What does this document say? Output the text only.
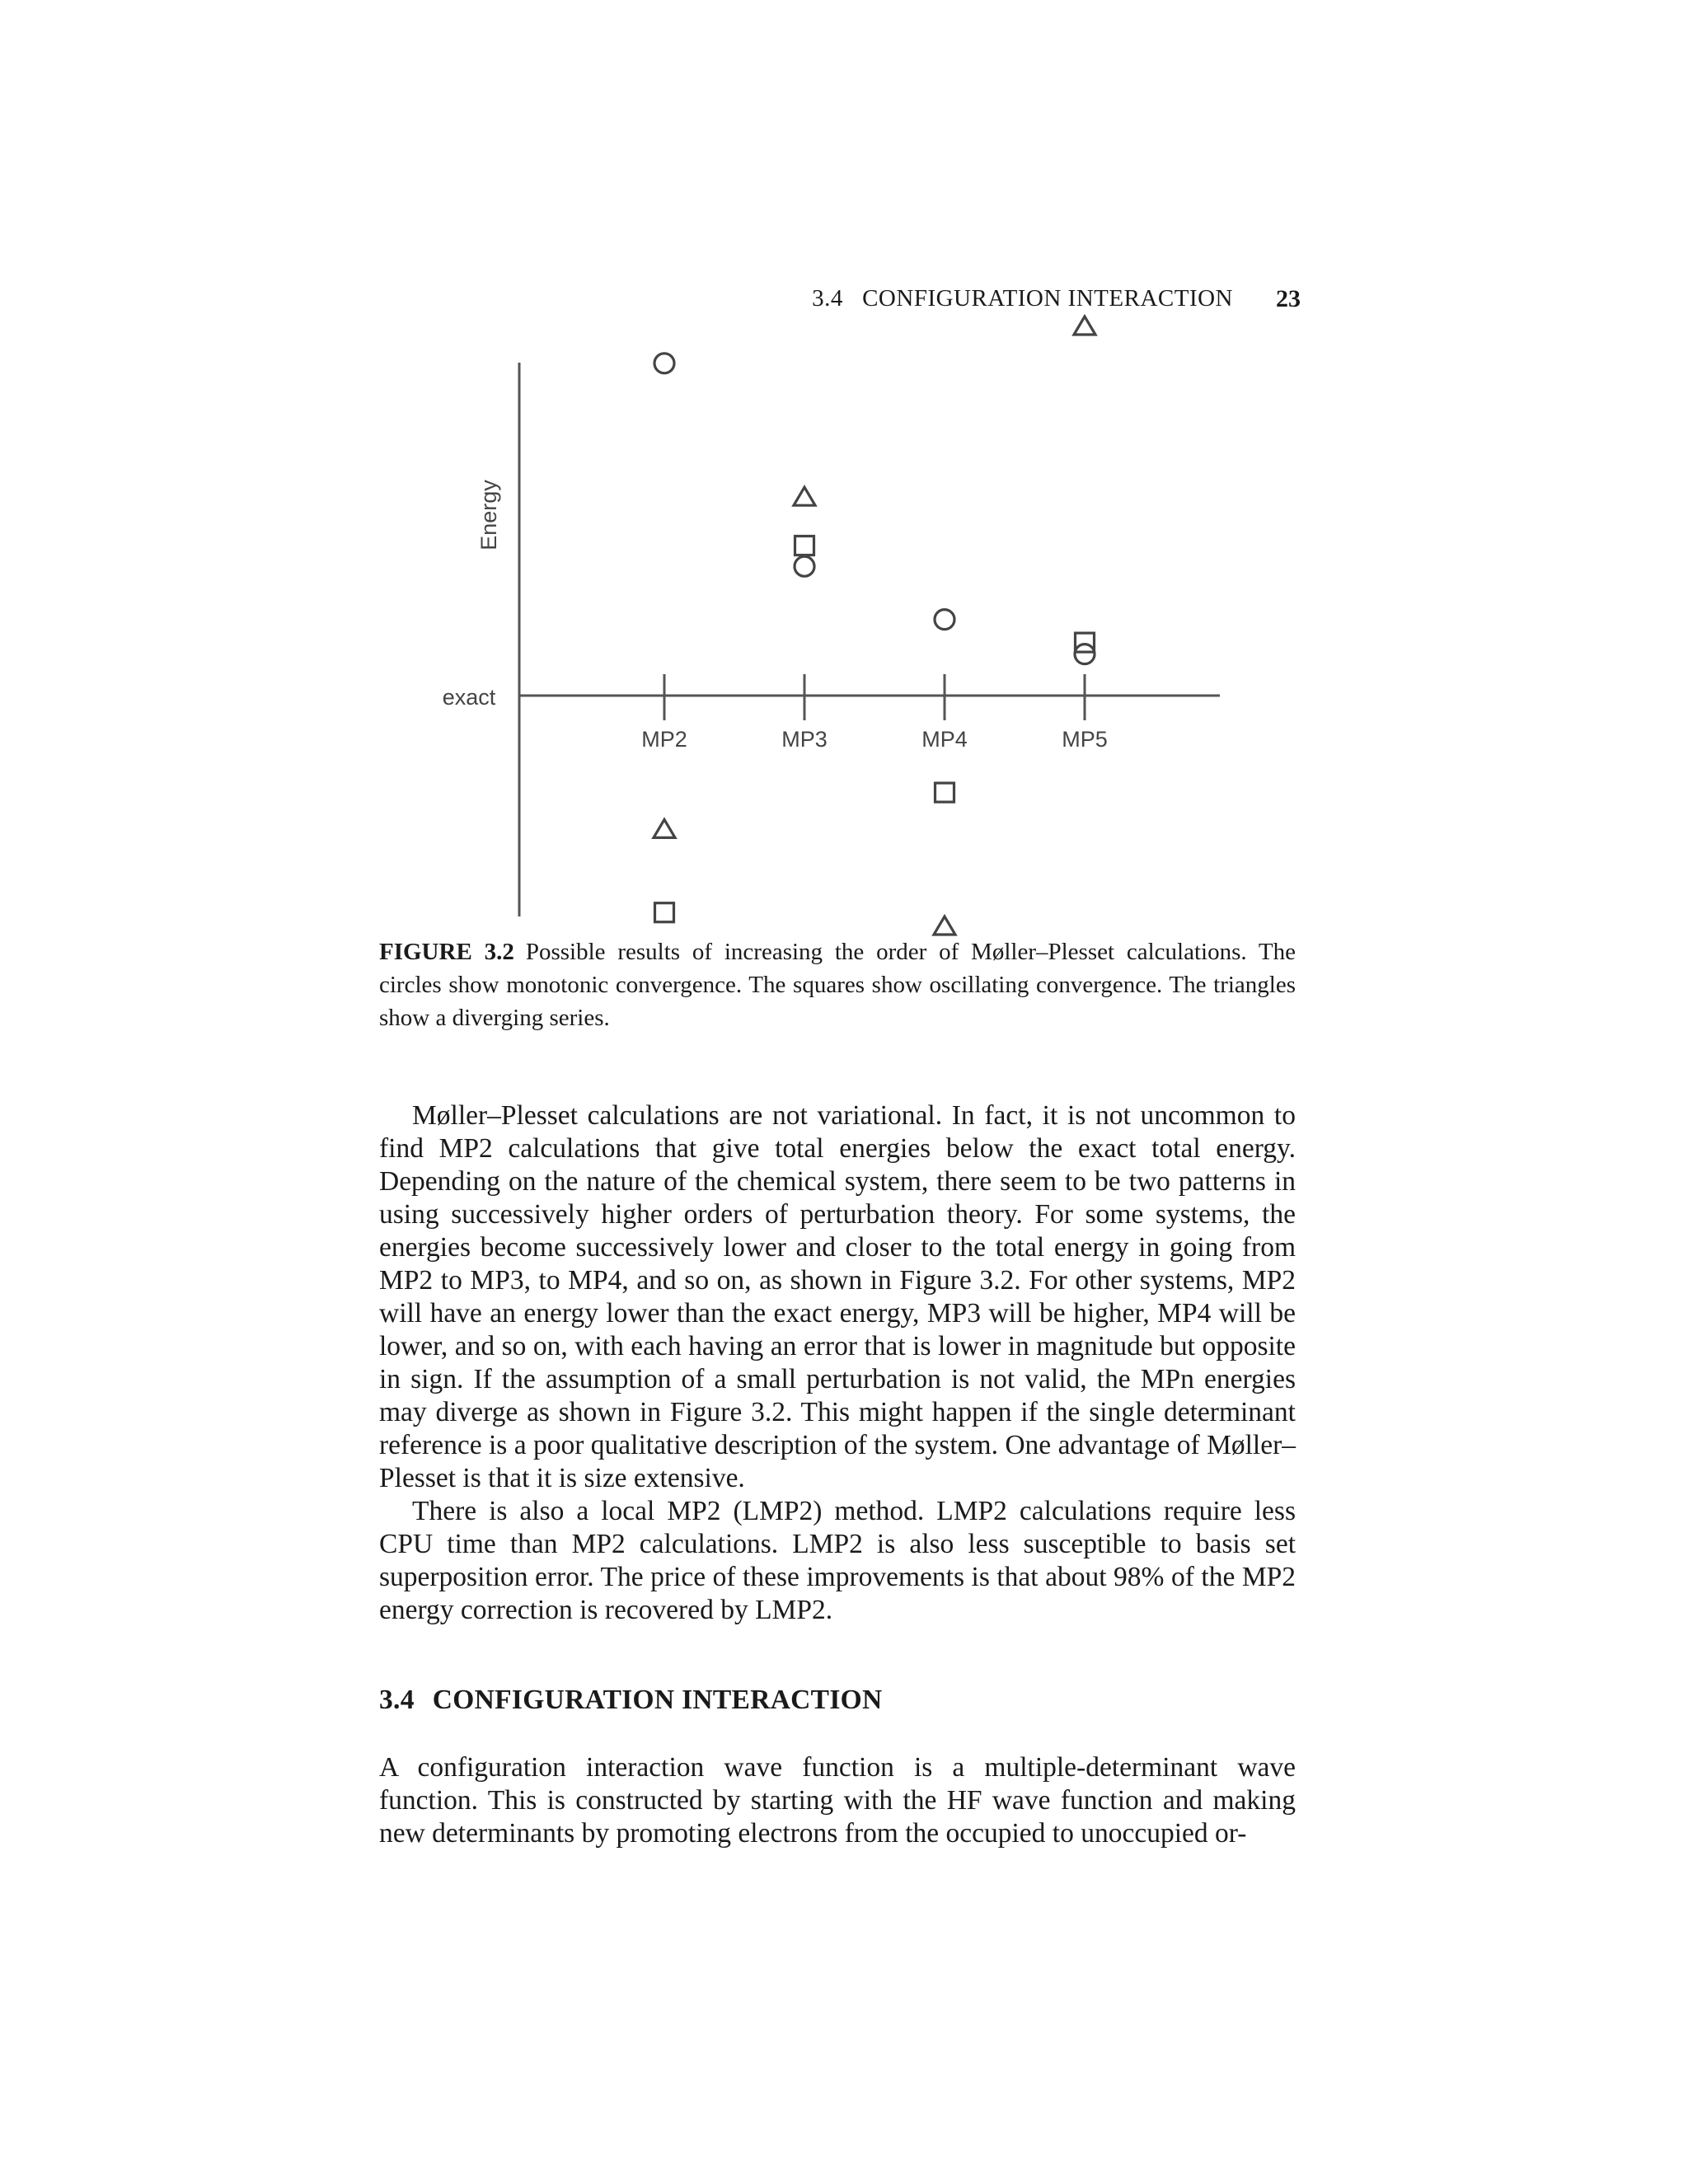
3.4   CONFIGURATION INTERACTION 23
Energy
exact
MP2	MP3	MP4	MP5
FIGURE 3.2 Possible results of increasing the order of Møller–Plesset calculations. The circles show monotonic convergence. The squares show oscillating convergence. The triangles show a diverging series.

Møller–Plesset calculations are not variational. In fact, it is not uncommon to find MP2 calculations that give total energies below the exact total energy. Depending on the nature of the chemical system, there seem to be two patterns in using successively higher orders of perturbation theory. For some systems, the energies become successively lower and closer to the total energy in going from MP2 to MP3, to MP4, and so on, as shown in Figure 3.2. For other systems, MP2 will have an energy lower than the exact energy, MP3 will be higher, MP4 will be lower, and so on, with each having an error that is lower in magnitude but opposite in sign. If the assumption of a small perturbation is not valid, the MPn energies may diverge as shown in Figure 3.2. This might happen if the single determinant reference is a poor qualitative description of the system. One advantage of Møller–Plesset is that it is size extensive.

There is also a local MP2 (LMP2) method. LMP2 calculations require less CPU time than MP2 calculations. LMP2 is also less susceptible to basis set superposition error. The price of these improvements is that about 98% of the MP2 energy correction is recovered by LMP2.

3.4 CONFIGURATION INTERACTION

A configuration interaction wave function is a multiple-determinant wave function. This is constructed by starting with the HF wave function and making new determinants by promoting electrons from the occupied to unoccupied or-
